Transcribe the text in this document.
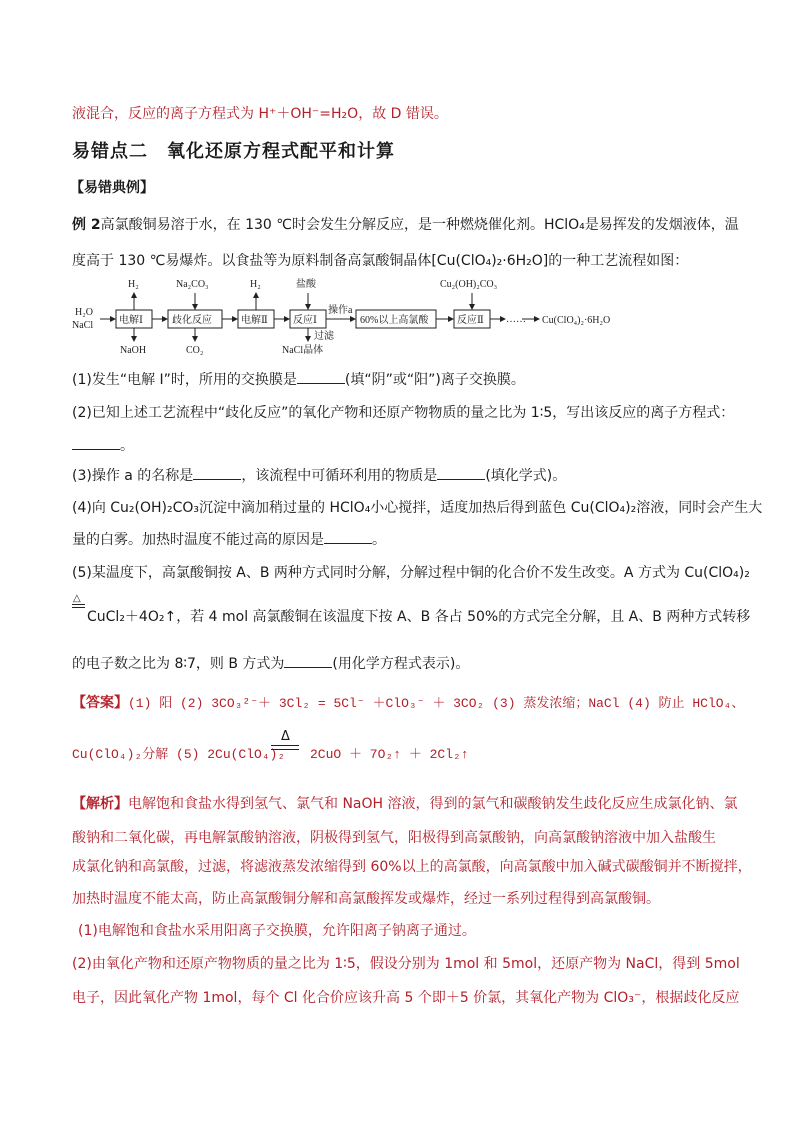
液混合，反应的离子方程式为 H⁺＋OH⁻=H₂O，故 D 错误。
易错点二　氧化还原方程式配平和计算
【易错典例】
例 2高氯酸铜易溶于水，在 130 ℃时会发生分解反应，是一种燃烧催化剂。HClO₄是易挥发的发烟液体，温
度高于 130 ℃易爆炸。以食盐等为原料制备高氯酸铜晶体[Cu(ClO₄)₂·6H₂O]的一种工艺流程如图：
H₂O
NaCl	电解Ⅰ
H₂
NaOH
歧化反应
Na₂CO₃
CO₂
电解Ⅱ
H₂
反应Ⅰ
盐酸
过滤
NaCl晶体
操作a
60%以上高氯酸	反应Ⅱ
Cu₂(OH)₂CO₃
…… Cu(ClO₄)₂·6H₂O
(1)发生“电解 Ⅰ”时，所用的交换膜是	(填“阴”或“阳”)离子交换膜。
(2)已知上述工艺流程中“歧化反应”的氧化产物和还原产物物质的量之比为 1∶5，写出该反应的离子方程式：
。
(3)操作 a 的名称是	，该流程中可循环利用的物质是	(填化学式)。
(4)向 Cu₂(OH)₂CO₃沉淀中滴加稍过量的 HClO₄小心搅拌，适度加热后得到蓝色 Cu(ClO₄)₂溶液，同时会产生大
量的白雾。加热时温度不能过高的原因是	。
(5)某温度下，高氯酸铜按 A、B 两种方式同时分解，分解过程中铜的化合价不发生改变。A 方式为 Cu(ClO₄)₂
△
CuCl₂＋4O₂↑，若 4 mol 高氯酸铜在该温度下按 A、B 各占 50%的方式完全分解，且 A、B 两种方式转移
的电子数之比为 8∶7，则 B 方式为	(用化学方程式表示)。
【答案】(1) 阳 (2) 3CO₃²⁻＋ 3Cl₂ = 5Cl⁻ ＋ClO₃⁻ ＋ 3CO₂ (3) 蒸发浓缩；NaCl (4) 防止 HClO₄、
Cu(ClO₄)₂分解 (5) 2Cu(ClO₄)₂
Δ
2CuO ＋ 7O₂↑ ＋ 2Cl₂↑
【解析】电解饱和食盐水得到氢气、氯气和 NaOH 溶液，得到的氯气和碳酸钠发生歧化反应生成氯化钠、氯
酸钠和二氧化碳，再电解氯酸钠溶液，阴极得到氢气，阳极得到高氯酸钠，向高氯酸钠溶液中加入盐酸生
成氯化钠和高氯酸，过滤，将滤液蒸发浓缩得到 60%以上的高氯酸，向高氯酸中加入碱式碳酸铜并不断搅拌，
加热时温度不能太高，防止高氯酸铜分解和高氯酸挥发或爆炸，经过一系列过程得到高氯酸铜。
(1)电解饱和食盐水采用阳离子交换膜，允许阳离子钠离子通过。
(2)由氧化产物和还原产物物质的量之比为 1∶5，假设分别为 1mol 和 5mol，还原产物为 NaCl，得到 5mol
电子，因此氧化产物 1mol，每个 Cl 化合价应该升高 5 个即＋5 价氯，其氧化产物为 ClO₃⁻，根据歧化反应
